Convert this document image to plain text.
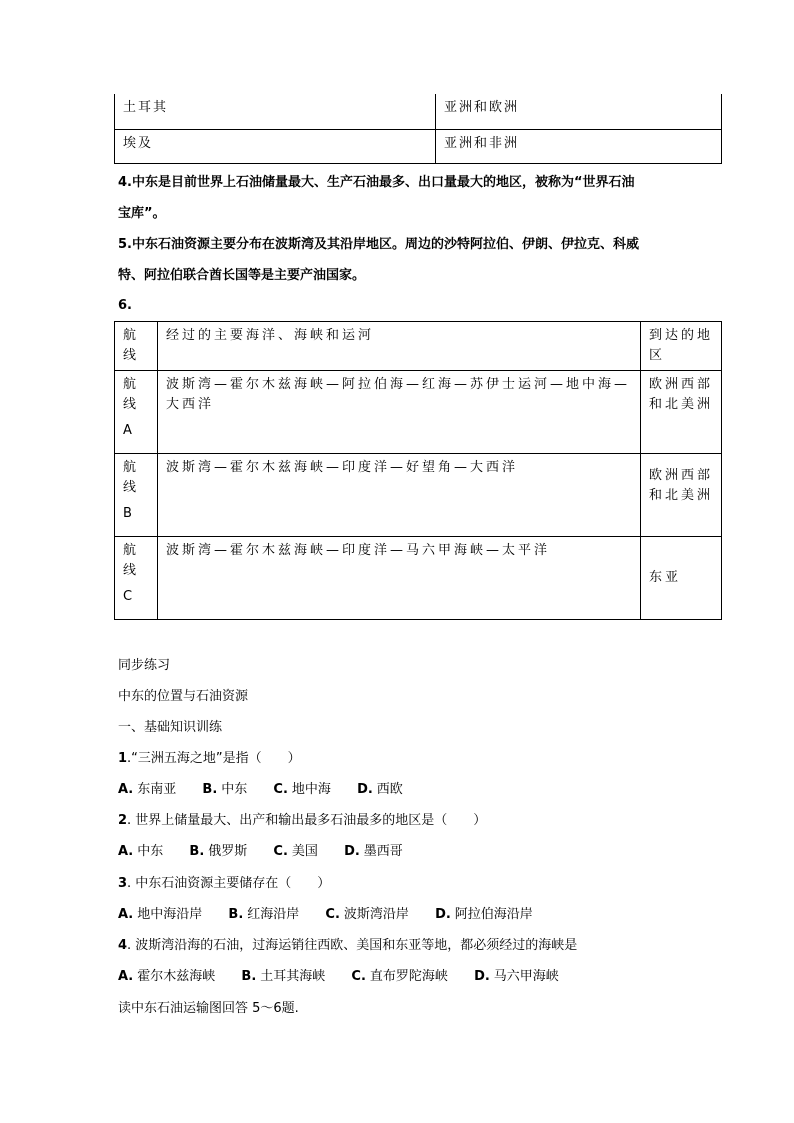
土耳其	亚洲和欧洲
埃及	亚洲和非洲
4.中东是目前世界上石油储量最大、生产石油最多、出口量最大的地区，被称为“世界石油
宝库”。
5.中东石油资源主要分布在波斯湾及其沿岸地区。周边的沙特阿拉伯、伊朗、伊拉克、科威
特、阿拉伯联合酋长国等是主要产油国家。
6.
航线	经过的主要海洋、海峡和运河	到达的地区

航线
A	波斯湾—霍尔木兹海峡—阿拉伯海—红海—苏伊士运河—地中海—大西洋	欧洲西部和北美洲

航线
B	波斯湾—霍尔木兹海峡—印度洋—好望角—大西洋	欧洲西部和北美洲

航线
C	波斯湾—霍尔木兹海峡—印度洋—马六甲海峡—太平洋	东亚
同步练习
中东的位置与石油资源
一、基础知识训练
1.“三洲五海之地”是指（　　）
A. 东南亚 B. 中东 C. 地中海 D. 西欧
2. 世界上储量最大、出产和输出最多石油最多的地区是（　　）
A. 中东 B. 俄罗斯 C. 美国 D. 墨西哥
3. 中东石油资源主要储存在（　　）
A. 地中海沿岸 B. 红海沿岸 C. 波斯湾沿岸 D. 阿拉伯海沿岸
4. 波斯湾沿海的石油，过海运销往西欧、美国和东亚等地，都必须经过的海峡是
A. 霍尔木兹海峡 B. 土耳其海峡 C. 直布罗陀海峡 D. 马六甲海峡
读中东石油运输图回答 5～6题.
